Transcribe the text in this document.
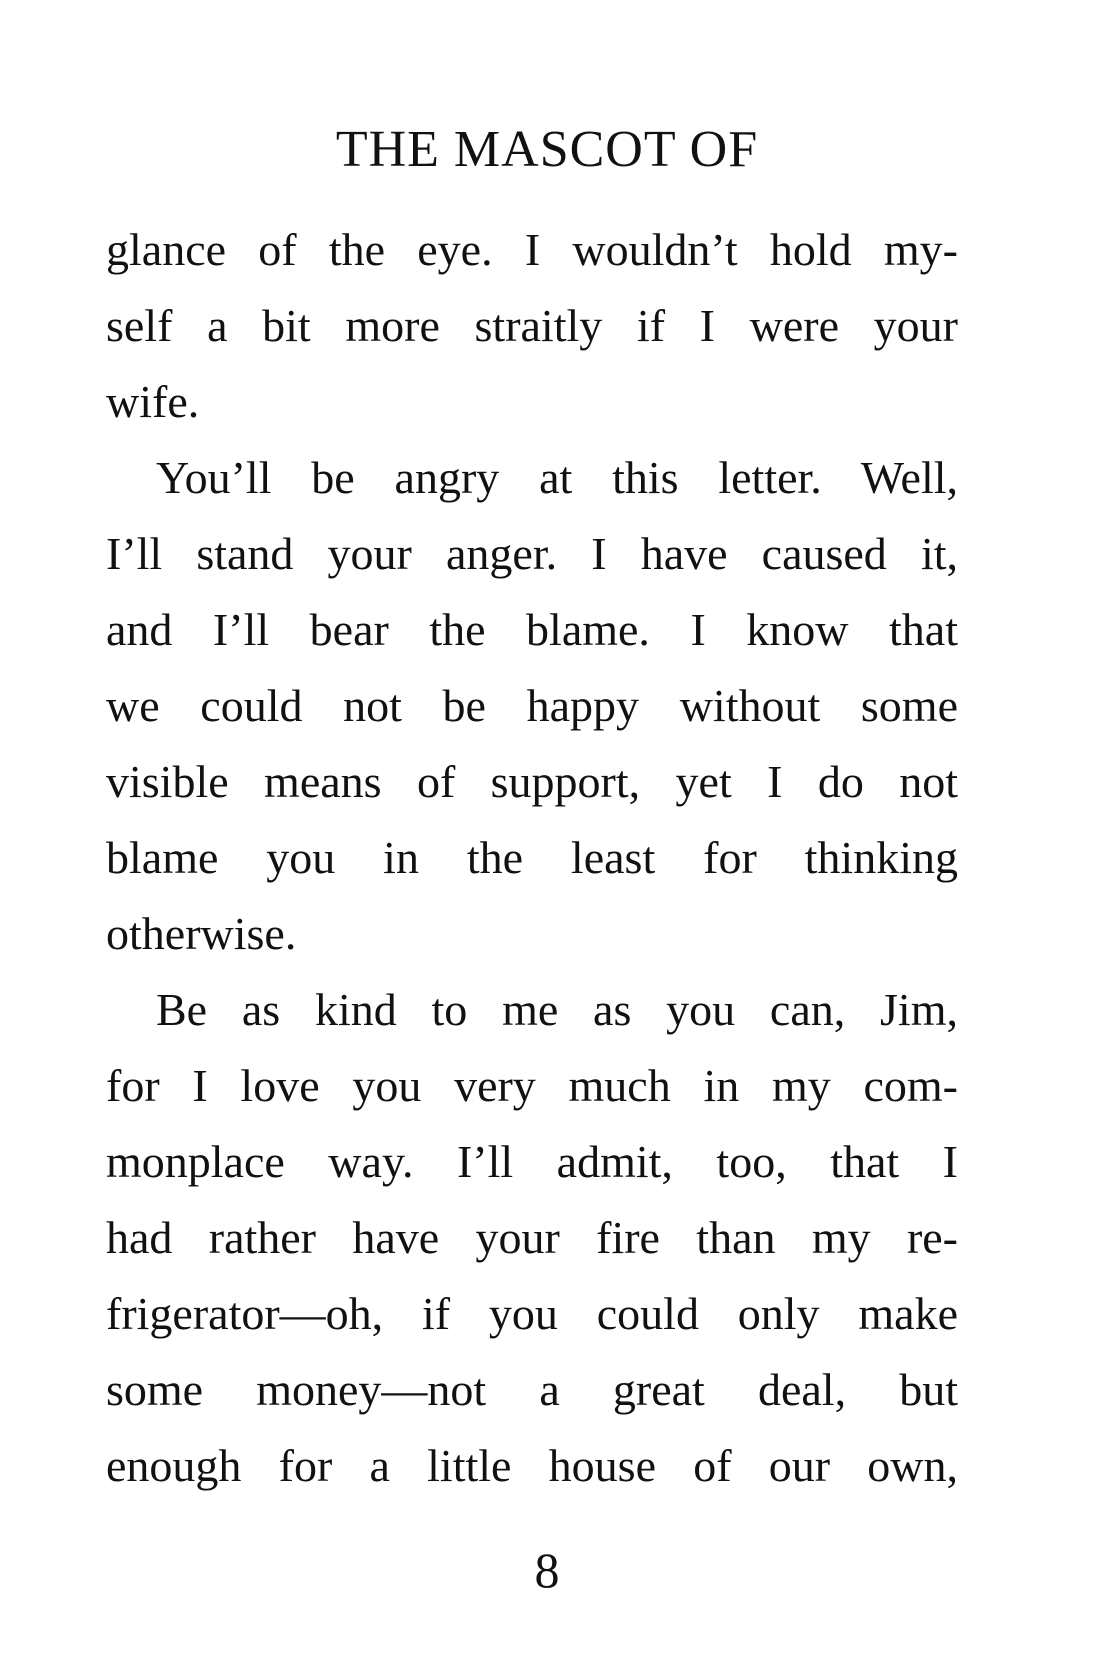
THE MASCOT OF
glance of the eye. I wouldn’t hold my-
self a bit more straitly if I were your
wife.
You’ll be angry at this letter. Well,
I’ll stand your anger. I have caused it,
and I’ll bear the blame. I know that
we could not be happy without some
visible means of support, yet I do not
blame you in the least for thinking
otherwise.
Be as kind to me as you can, Jim,
for I love you very much in my com-
monplace way. I’ll admit, too, that I
had rather have your fire than my re-
frigerator—oh, if you could only make
some money—not a great deal, but
enough for a little house of our own,
8
